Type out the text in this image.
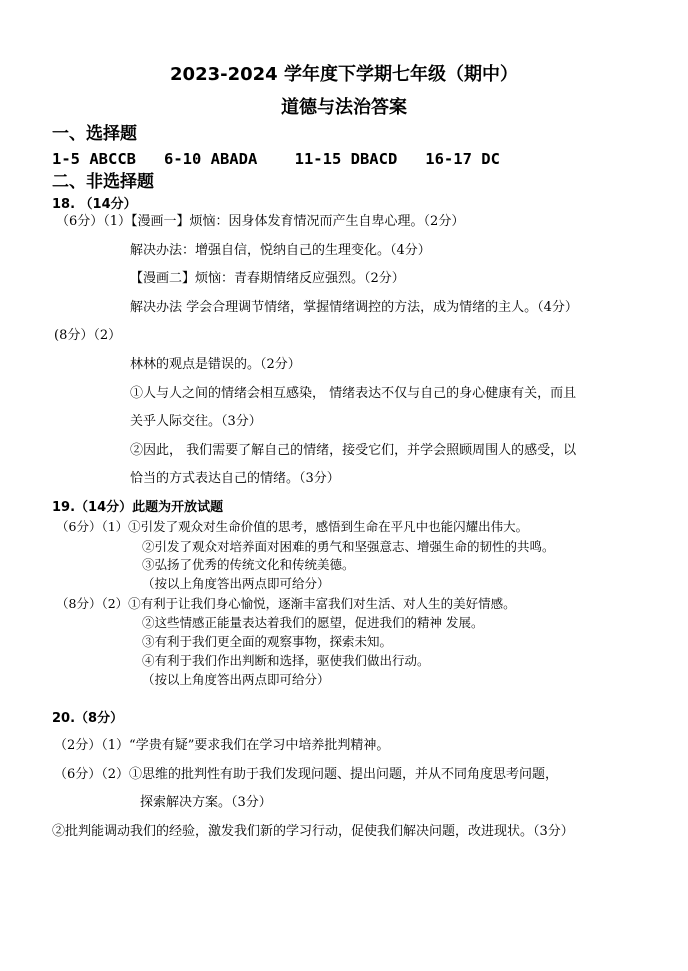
2023-2024 学年度下学期七年级（期中）
道德与法治答案
一、选择题
1-5 ABCCB   6-10 ABADA    11-15 DBACD   16-17 DC
二、非选择题
18. （14分）
（6分）（1）【漫画一】烦恼：因身体发育情况而产生自卑心理。（2分）
解决办法：增强自信，悦纳自己的生理变化。（4分）
【漫画二】烦恼：青春期情绪反应强烈。（2分）
解决办法 学会合理调节情绪，掌握情绪调控的方法，成为情绪的主人。（4分）
(8分）（2）
林林的观点是错误的。（2分）
①人与人之间的情绪会相互感染， 情绪表达不仅与自己的身心健康有关，而且
关乎人际交往。（3分）
②因此， 我们需要了解自己的情绪，接受它们，并学会照顾周围人的感受，以
恰当的方式表达自己的情绪。（3分）
19.（14分）此题为开放试题
（6分）（1）①引发了观众对生命价值的思考，感悟到生命在平凡中也能闪耀出伟大。
②引发了观众对培养面对困难的勇气和坚强意志、增强生命的韧性的共鸣。
③弘扬了优秀的传统文化和传统美德。
（按以上角度答出两点即可给分）
（8分）（2）①有利于让我们身心愉悦，逐渐丰富我们对生活、对人生的美好情感。
②这些情感正能量表达着我们的愿望，促进我们的精神 发展。
③有利于我们更全面的观察事物，探索未知。
④有利于我们作出判断和选择，驱使我们做出行动。
（按以上角度答出两点即可给分）
20.（8分）
（2分）（1）“学贵有疑”要求我们在学习中培养批判精神。
（6分）（2）①思维的批判性有助于我们发现问题、提出问题，并从不同角度思考问题，
探索解决方案。（3分）
②批判能调动我们的经验，激发我们新的学习行动，促使我们解决问题，改进现状。（3分）
